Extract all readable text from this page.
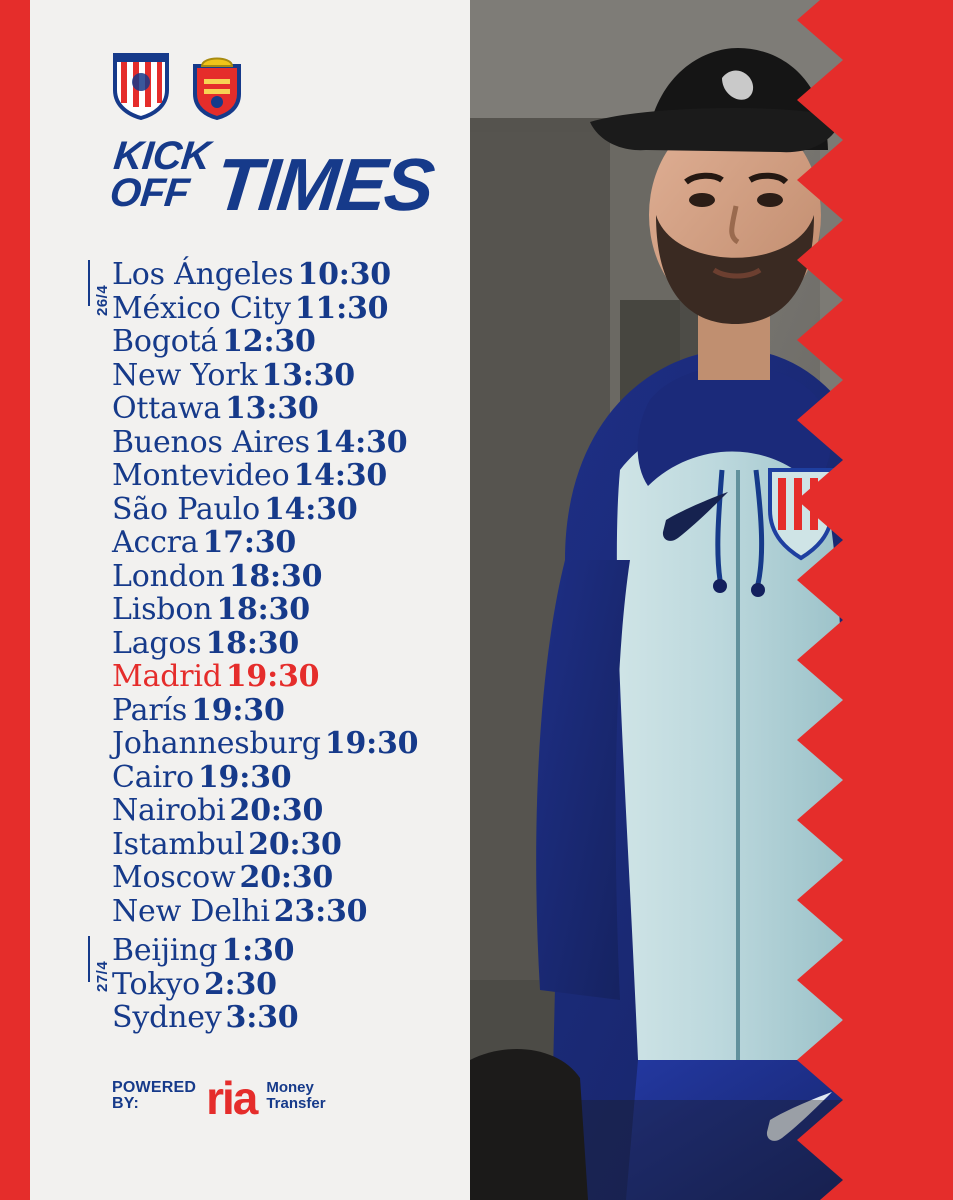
KICK
OFF TIMES
26/4
27/4
Los Ángeles 10:30
México City 11:30
Bogotá 12:30
New York 13:30
Ottawa 13:30
Buenos Aires 14:30
Montevideo 14:30
São Paulo 14:30
Accra 17:30
London 18:30
Lisbon 18:30
Lagos 18:30
Madrid 19:30
París 19:30
Johannesburg 19:30
Cairo 19:30
Nairobi 20:30
Istambul 20:30
Moscow 20:30
New Delhi 23:30
Beijing 1:30
Tokyo 2:30
Sydney 3:30
POWERED
BY:	ria Money
Transfer
